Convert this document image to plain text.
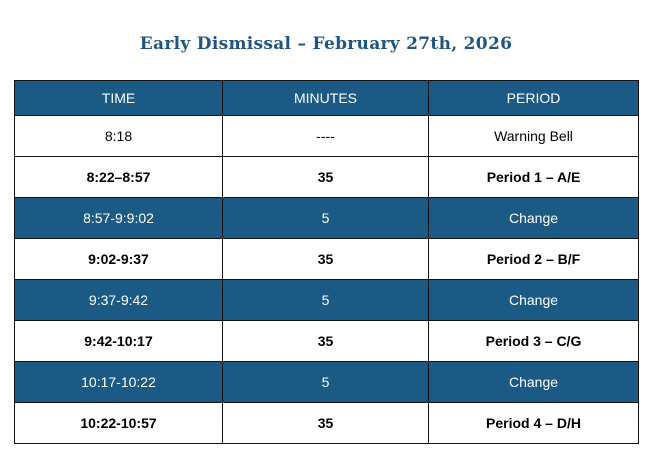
Early Dismissal – February 27th, 2026
TIME	MINUTES	PERIOD
8:18	----	Warning Bell
8:22–8:57	35	Period 1 – A/E
8:57-9:9:02	5	Change
9:02-9:37	35	Period 2 – B/F
9:37-9:42	5	Change
9:42-10:17	35	Period 3 – C/G
10:17-10:22	5	Change
10:22-10:57	35	Period 4 – D/H
